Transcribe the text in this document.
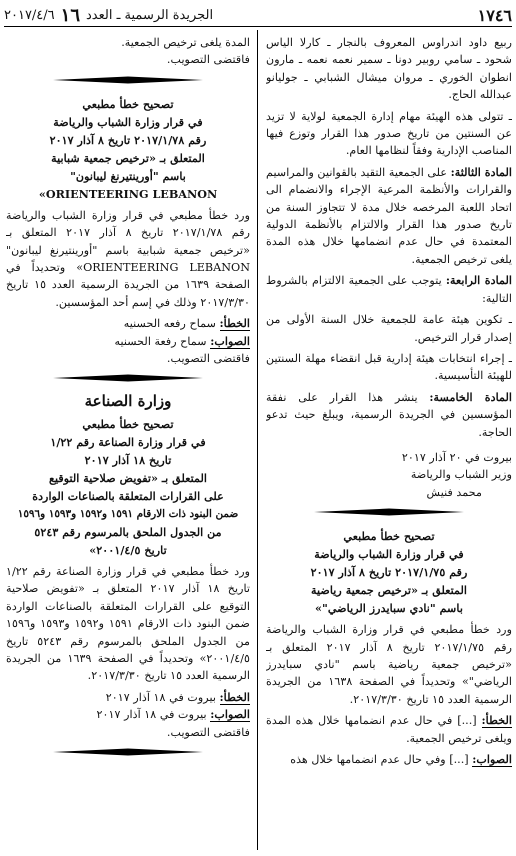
الجريدة الرسمية ـ العدد
١٦
٢٠١٧/٤/٦	١٧٤٦

ربيع داود اندراوس المعروف بالنجار ـ كارلا الياس شحود ـ سامي روبير دونا ـ سمير نعمه نعمه ـ مارون انطوان الخوري ـ مروان ميشال الشبابي ـ جوليانو عبدالله الحاج.

ـ تتولى هذه الهيئة مهام إدارة الجمعية لولاية لا تزيد عن السنتين من تاريخ صدور هذا القرار وتوزع فيها المناصب الإدارية وفقاً لنظامها العام.

المادة الثالثة: على الجمعية التقيد بالقوانين والمراسيم والقرارات والأنظمة المرعية الإجراء والانضمام الى اتحاد اللعبة المرخصه خلال مدة لا تتجاوز السنة من تاريخ صدور هذا القرار والالتزام بالأنظمة الدولية المعتمدة في حال عدم انضمامها خلال هذه المدة يلغى ترخيص الجمعية.

المادة الرابعة: يتوجب على الجمعية الالتزام بالشروط التالية:

ـ تكوين هيئة عامة للجمعية خلال السنة الأولى من إصدار قرار الترخيص.

ـ إجراء انتخابات هيئة إدارية قبل انقضاء مهلة السنتين للهيئة التأسيسية.

المادة الخامسة: ينشر هذا القرار على نفقة المؤسسين في الجريدة الرسمية، ويبلغ حيث تدعو الحاجة.

بيروت في ٢٠ آذار ٢٠١٧

وزير الشباب والرياضة

محمد فنيش

تصحيح خطأ مطبعي
في قرار وزارة الشباب والرياضة
رقم ٢٠١٧/١/٧٥ تاريخ ٨ آذار ٢٠١٧
المتعلق بـ «ترخيص جمعية رياضية
باسم "نادي سبايدرز الرياضي"»

ورد خطأ مطبعي في قرار وزارة الشباب والرياضة رقم ٢٠١٧/١/٧٥ تاريخ ٨ آذار ٢٠١٧ المتعلق بـ «ترخيص جمعية رياضية باسم "نادي سبايدرز الرياضي"» وتحديداً في الصفحة ١٦٣٨ من الجريدة الرسمية العدد ١٥ تاريخ ٢٠١٧/٣/٣٠.

الخطأ: [...] في حال عدم انضمامها خلال هذه المدة ويلغى ترخيص الجمعية.

الصواب: [...] وفي حال عدم انضمامها خلال هذه

المدة يلغى ترخيص الجمعية.

فاقتضى التصويب.

تصحيح خطأ مطبعي
في قرار وزارة الشباب والرياضة
رقم ٢٠١٧/١/٧٨ تاريخ ٨ آذار ٢٠١٧
المتعلق بـ «ترخيص جمعية شبابية
باسم "أورينتيرنغ ليبانون"
ORIENTEERING LEBANON»

ورد خطأ مطبعي في قرار وزارة الشباب والرياضة رقم ٢٠١٧/١/٧٨ تاريخ ٨ آذار ٢٠١٧ المتعلق بـ «ترخيص جمعية شبابية باسم "أورينتيرنغ ليبانون" ORIENTEERING LEBANON» وتحديداً في الصفحة ١٦٣٩ من الجريدة الرسمية العدد ١٥ تاريخ ٢٠١٧/٣/٣٠ وذلك في إسم أحد المؤسسين.

الخطأ: سماح رفعه الحسنيه

الصواب: سماح رفعة الحسنيه

فاقتضى التصويب.

وزارة الصناعة
تصحيح خطأ مطبعي
في قرار وزارة الصناعة رقم ١/٢٢
تاريخ ١٨ آذار ٢٠١٧
المتعلق بـ «تفويض صلاحية التوقيع
على القرارات المتعلقة بالصناعات الواردة
ضمن البنود ذات الارقام ١٥٩١ و١٥٩٢ و١٥٩٣ و١٥٩٦
من الجدول الملحق بالمرسوم رقم ٥٢٤٣
تاريخ ٢٠٠١/٤/٥»

ورد خطأ مطبعي في قرار وزارة الصناعة رقم ١/٢٢ تاريخ ١٨ آذار ٢٠١٧ المتعلق بـ «تفويض صلاحية التوقيع على القرارات المتعلقة بالصناعات الواردة ضمن البنود ذات الارقام ١٥٩١ و١٥٩٢ و١٥٩٣ و١٥٩٦ من الجدول الملحق بالمرسوم رقم ٥٢٤٣ تاريخ ٢٠٠١/٤/٥» وتحديداً في الصفحة ١٦٣٩ من الجريدة الرسمية العدد ١٥ تاريخ ٢٠١٧/٣/٣٠.

الخطأ: بيروت في ١٨ آذار ٢٠١٧

الصواب: بيروت في ١٨ آذار ٢٠١٧

فاقتضى التصويب.
